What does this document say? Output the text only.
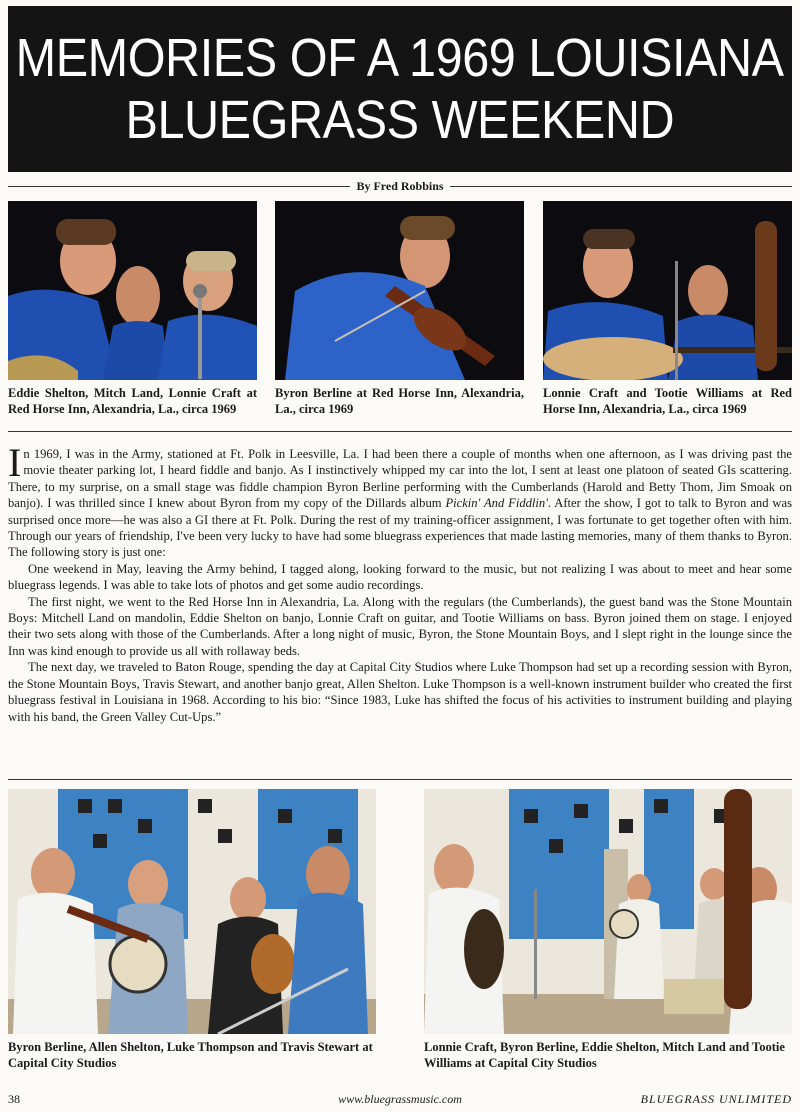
MEMORIES OF A 1969 LOUISIANA
BLUEGRASS WEEKEND
By Fred Robbins
Eddie Shelton, Mitch Land, Lonnie Craft at Red Horse Inn, Alexandria, La., circa 1969
Byron Berline at Red Horse Inn, Alexandria, La., circa 1969
Lonnie Craft and Tootie Williams at Red Horse Inn, Alexandria, La., circa 1969

In 1969, I was in the Army, stationed at Ft. Polk in Leesville, La. I had been there a couple of months when one afternoon, as I was driving past the movie theater parking lot, I heard fiddle and banjo. As I instinctively whipped my car into the lot, I sent at least one platoon of seated GIs scattering. There, to my surprise, on a small stage was fiddle champion Byron Berline performing with the Cumberlands (Harold and Betty Thom, Jim Smoak on banjo). I was thrilled since I knew about Byron from my copy of the Dillards album Pickin' And Fiddlin'. After the show, I got to talk to Byron and was surprised once more—he was also a GI there at Ft. Polk. During the rest of my training-officer assignment, I was fortunate to get together often with him. Through our years of friendship, I've been very lucky to have had some bluegrass experiences that made lasting memories, many of them thanks to Byron. The following story is just one:

One weekend in May, leaving the Army behind, I tagged along, looking forward to the music, but not realizing I was about to meet and hear some bluegrass legends. I was able to take lots of photos and get some audio recordings.

The first night, we went to the Red Horse Inn in Alexandria, La. Along with the regulars (the Cumberlands), the guest band was the Stone Mountain Boys: Mitchell Land on mandolin, Eddie Shelton on banjo, Lonnie Craft on guitar, and Tootie Williams on bass. Byron joined them on stage. I enjoyed their two sets along with those of the Cumberlands. After a long night of music, Byron, the Stone Mountain Boys, and I slept right in the lounge since the Inn was kind enough to provide us all with rollaway beds.

The next day, we traveled to Baton Rouge, spending the day at Capital City Studios where Luke Thompson had set up a recording session with Byron, the Stone Mountain Boys, Travis Stewart, and another banjo great, Allen Shelton. Luke Thompson is a well-known instrument builder who created the first bluegrass festival in Louisiana in 1968. According to his bio: “Since 1983, Luke has shifted the focus of his activities to instrument building and playing with his band, the Green Valley Cut-Ups.”

Byron Berline, Allen Shelton, Luke Thompson and Travis Stewart at Capital City Studios
Lonnie Craft, Byron Berline, Eddie Shelton, Mitch Land and Tootie Williams at Capital City Studios
38	www.bluegrassmusic.com	BLUEGRASS UNLIMITED
